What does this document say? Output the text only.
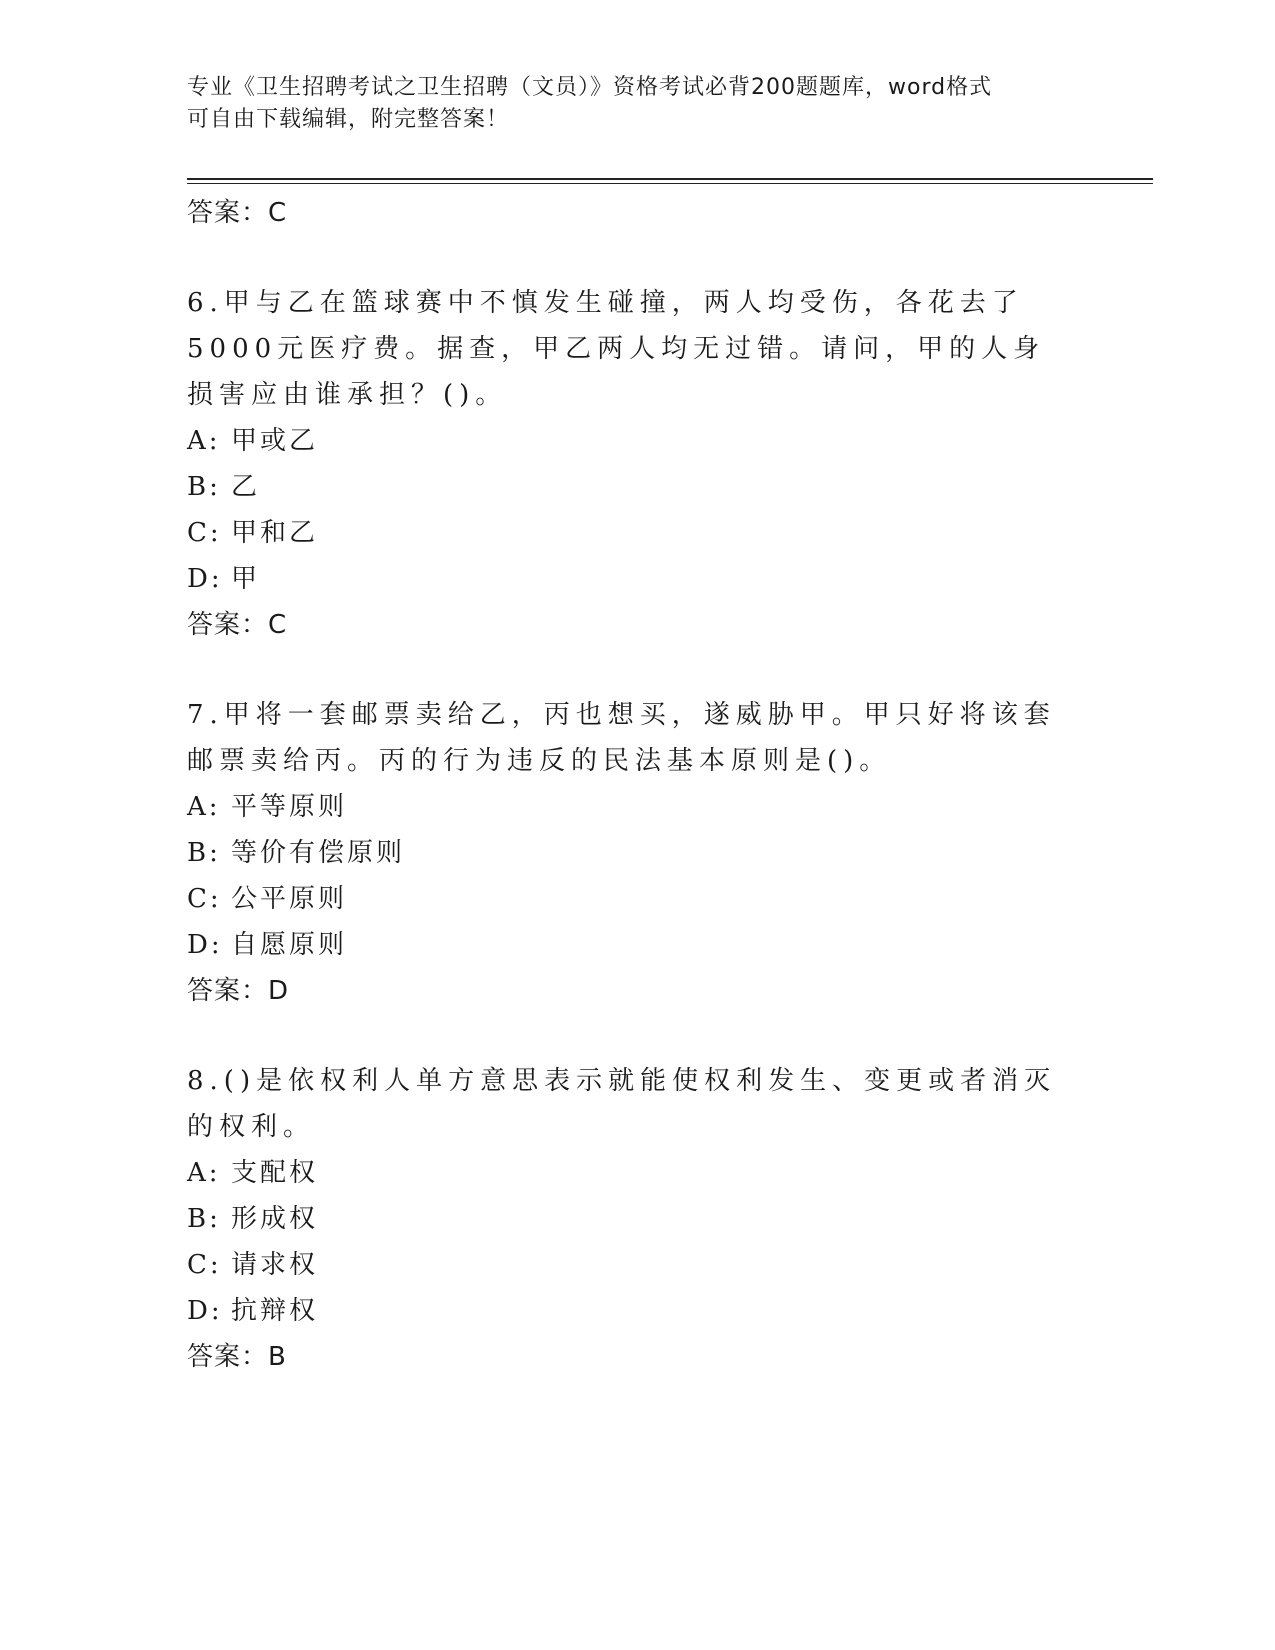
专业《卫生招聘考试之卫生招聘（文员）》资格考试必背200题题库，word格式
可自由下载编辑，附完整答案！
答案：C
6.甲与乙在篮球赛中不慎发生碰撞，两人均受伤，各花去了5000元医疗费。据查，甲乙两人均无过错。请问，甲的人身损害应由谁承担？()。
A: 甲或乙
B: 乙
C: 甲和乙
D: 甲
答案：C
7.甲将一套邮票卖给乙，丙也想买，遂威胁甲。甲只好将该套邮票卖给丙。丙的行为违反的民法基本原则是()。
A: 平等原则
B: 等价有偿原则
C: 公平原则
D: 自愿原则
答案：D
8.()是依权利人单方意思表示就能使权利发生、变更或者消灭的权利。
A: 支配权
B: 形成权
C: 请求权
D: 抗辩权
答案：B
